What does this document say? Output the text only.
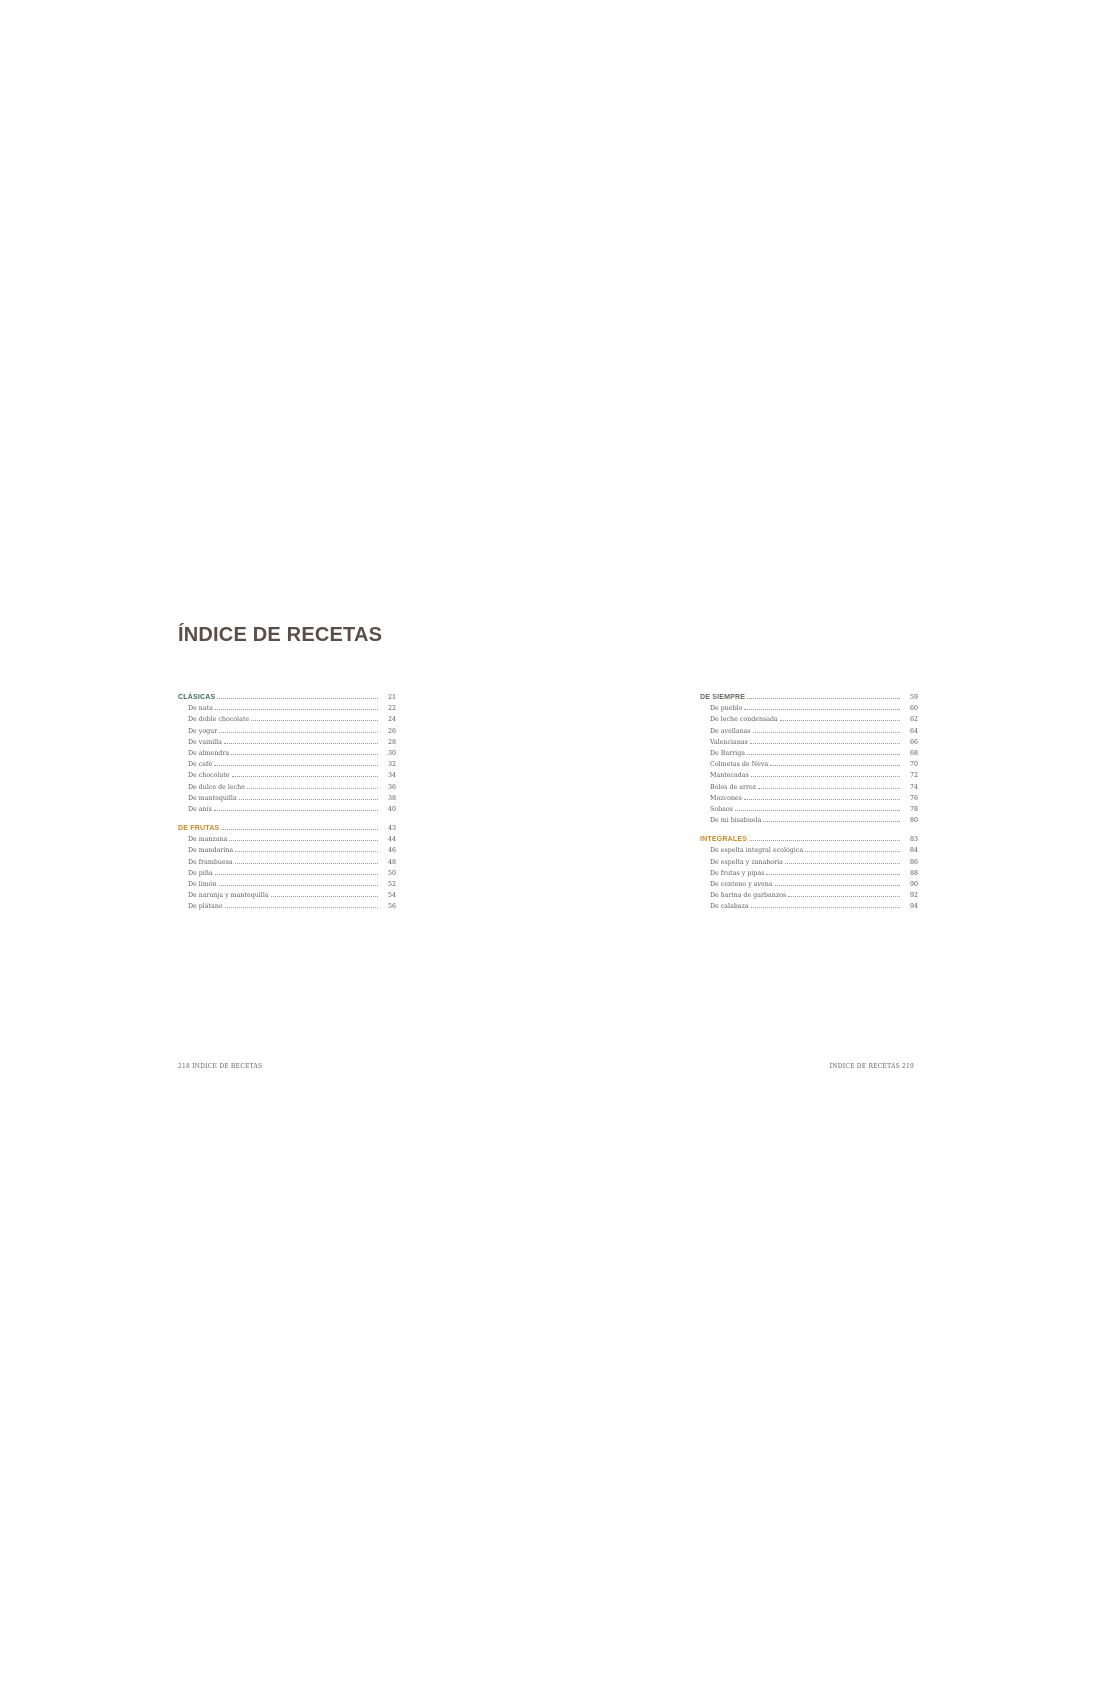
ÍNDICE DE RECETAS
CLÁSICAS	21
De nata	22
De doble chocolate	24
De yogur	26
De vainilla	28
De almendra	30
De café	32
De chocolate	34
De dulce de leche	36
De mantequilla	38
De anís	40
DE FRUTAS	43
De manzana	44
De mandarina	46
De frambuesa	48
De piña	50
De limón	52
De naranja y mantequilla	54
De plátano	56
DE SIEMPRE	59
De pueblo	60
De leche condensada	62
De avellanas	64
Valencianas	66
De Barriga	68
Colmetas de Neva	70
Mantecadas	72
Bolos de arroz	74
Mozcones	76
Sobaos	78
De mi bisabuela	80
INTEGRALES	83
De espelta integral ecológica	84
De espelta y zanahoria	86
De frutas y pipas	88
De centeno y avena	90
De harina de garbanzos	92
De calabaza	94
218 ÍNDICE DE RECETAS	ÍNDICE DE RECETAS 219
